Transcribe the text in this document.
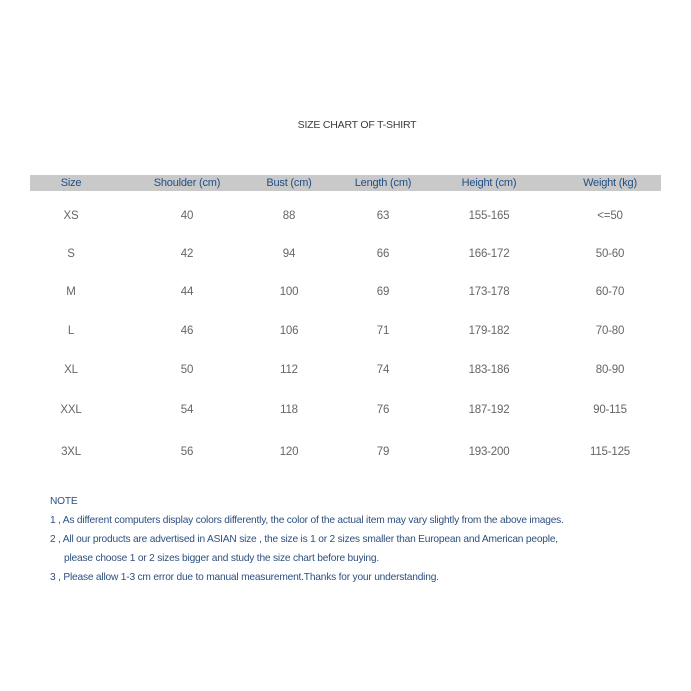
SIZE CHART OF T-SHIRT
Size	Shoulder (cm)	Bust (cm)	Length (cm)	Height (cm)	Weight (kg)
XS	40	88	63	155-165	<=50
S	42	94	66	166-172	50-60
M	44	100	69	173-178	60-70
L	46	106	71	179-182	70-80
XL	50	112	74	183-186	80-90
XXL	54	118	76	187-192	90-115
3XL	56	120	79	193-200	115-125
NOTE
1 , As different computers display colors differently, the color of the actual item may vary slightly from the above images.
2 , All our products are advertised in ASIAN size , the size is 1 or 2 sizes smaller than European and American people,
please choose 1 or 2 sizes bigger and study the size chart before buying.
3 , Please allow 1-3 cm error due to manual measurement.Thanks for your understanding.
